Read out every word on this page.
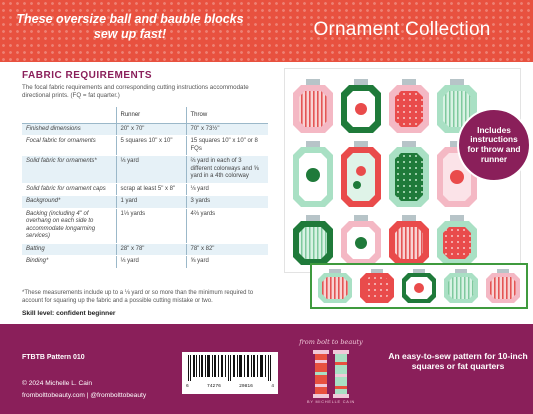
These oversize ball and bauble blocks sew up fast!	Ornament Collection
FABRIC REQUIREMENTS
The focal fabric requirements and corresponding cutting instructions accommodate directional prints. (FQ = fat quarter.)
	Runner	Throw
Finished dimensions	20" x 70"	70" x 73½"
Focal fabric for ornaments	5 squares 10" x 10"	15 squares 10" x 10" or 8 FQs
Solid fabric for ornaments*	⅓ yard	⅔ yard in each of 3 different colorways and ⅝ yard in a 4th colorway
Solid fabric for ornament caps	scrap at least 5" x 8"	⅛ yard
Background*	1 yard	3 yards
Backing (including 4" of overhang on each side to accommodate longarming services)	1⅓ yards	4⅔ yards
Batting	28" x 78"	78" x 82"
Binding*	⅓ yard	⅝ yard
*These measurements include up to a ⅛ yard or so more than the minimum required to account for squaring up the fabric and a possible cutting mistake or two.
Skill level: confident beginner
Includes instructions for throw and runner
FTBTB Pattern 010
© 2024 Michelle L. Cain
frombolttobeauty.com | @frombolttobeauty
6	74276	20816	4
from bolt to beauty
BY MICHELLE CAIN
An easy-to-sew pattern for 10-inch squares or fat quarters
